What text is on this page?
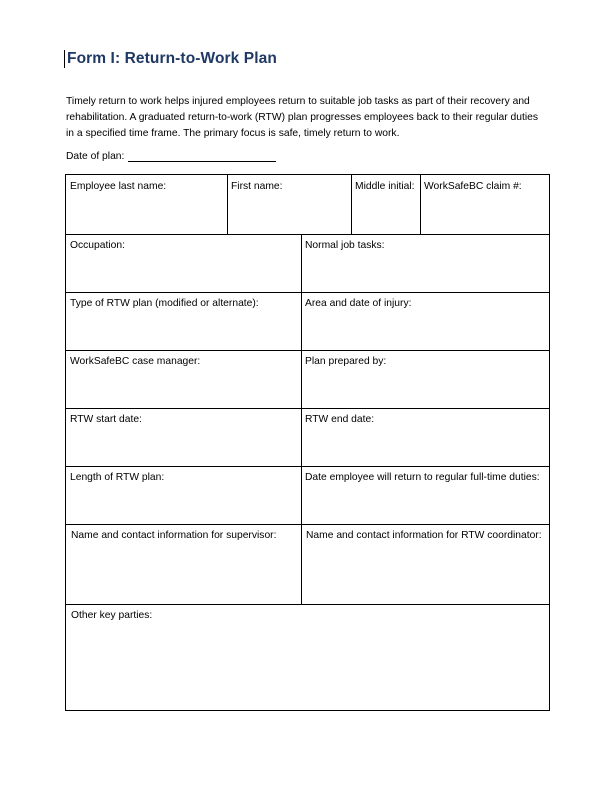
Form I: Return-to-Work Plan

Timely return to work helps injured employees return to suitable job tasks as part of their recovery and rehabilitation. A graduated return-to-work (RTW) plan progresses employees back to their regular duties in a specified time frame. The primary focus is safe, timely return to work.

Date of plan:
Employee last name:	First name:	Middle initial: WorkSafeBC claim #:
Occupation:	Normal job tasks:
Type of RTW plan (modified or alternate):	Area and date of injury:
WorkSafeBC case manager:	Plan prepared by:
RTW start date:	RTW end date:
Length of RTW plan:	Date employee will return to regular full-time duties:
Name and contact information for supervisor:	Name and contact information for RTW coordinator:
Other key parties:
